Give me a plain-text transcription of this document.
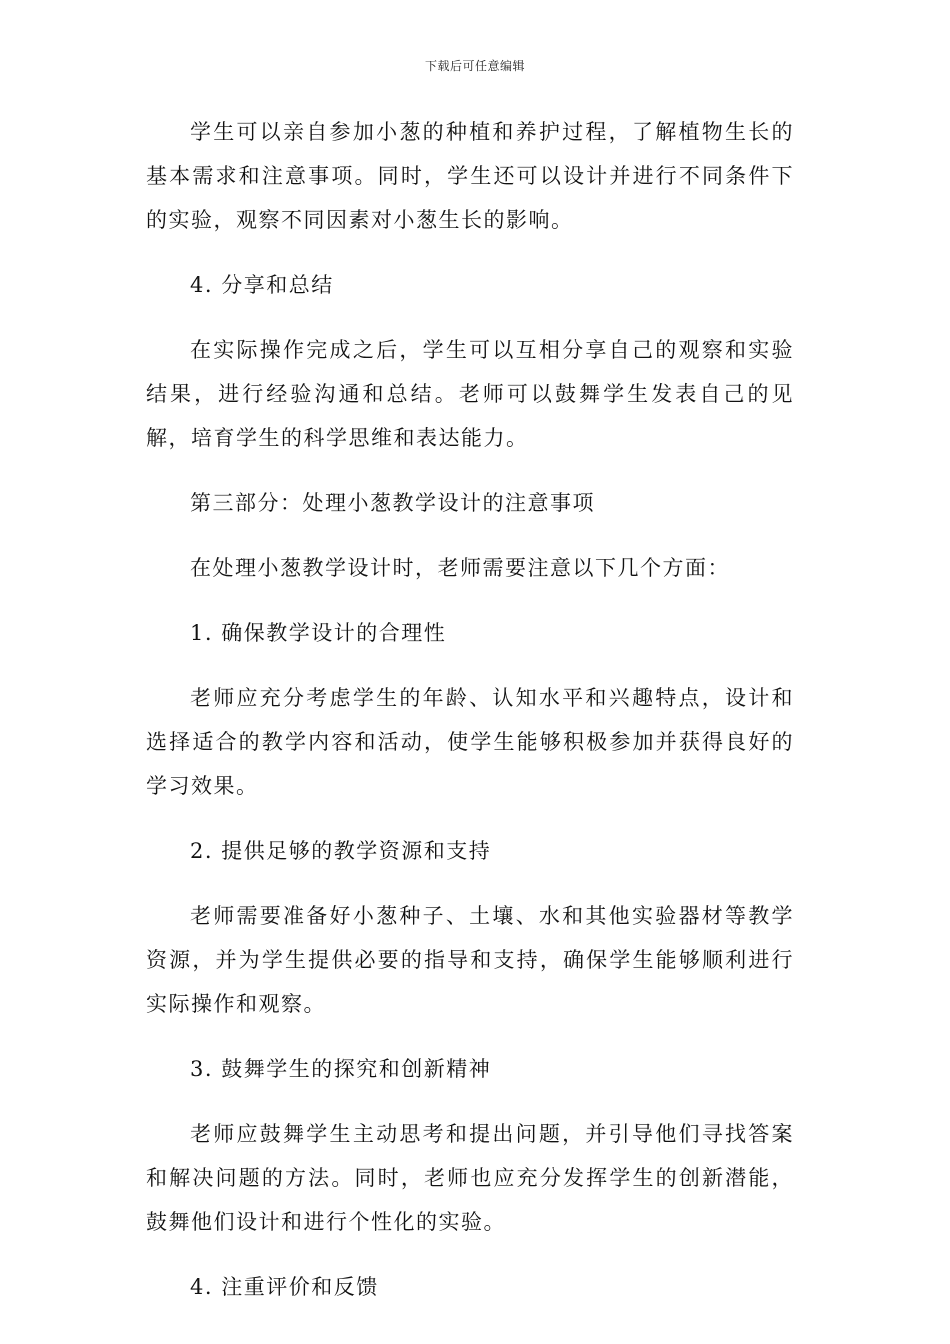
下载后可任意编辑

学生可以亲自参加小葱的种植和养护过程，了解植物生长的基本需求和注意事项。同时，学生还可以设计并进行不同条件下的实验，观察不同因素对小葱生长的影响。

4. 分享和总结

在实际操作完成之后，学生可以互相分享自己的观察和实验结果，进行经验沟通和总结。老师可以鼓舞学生发表自己的见解，培育学生的科学思维和表达能力。

第三部分：处理小葱教学设计的注意事项

在处理小葱教学设计时，老师需要注意以下几个方面：

1. 确保教学设计的合理性

老师应充分考虑学生的年龄、认知水平和兴趣特点，设计和选择适合的教学内容和活动，使学生能够积极参加并获得良好的学习效果。

2. 提供足够的教学资源和支持

老师需要准备好小葱种子、土壤、水和其他实验器材等教学资源，并为学生提供必要的指导和支持，确保学生能够顺利进行实际操作和观察。

3. 鼓舞学生的探究和创新精神

老师应鼓舞学生主动思考和提出问题，并引导他们寻找答案和解决问题的方法。同时，老师也应充分发挥学生的创新潜能，鼓舞他们设计和进行个性化的实验。

4. 注重评价和反馈
